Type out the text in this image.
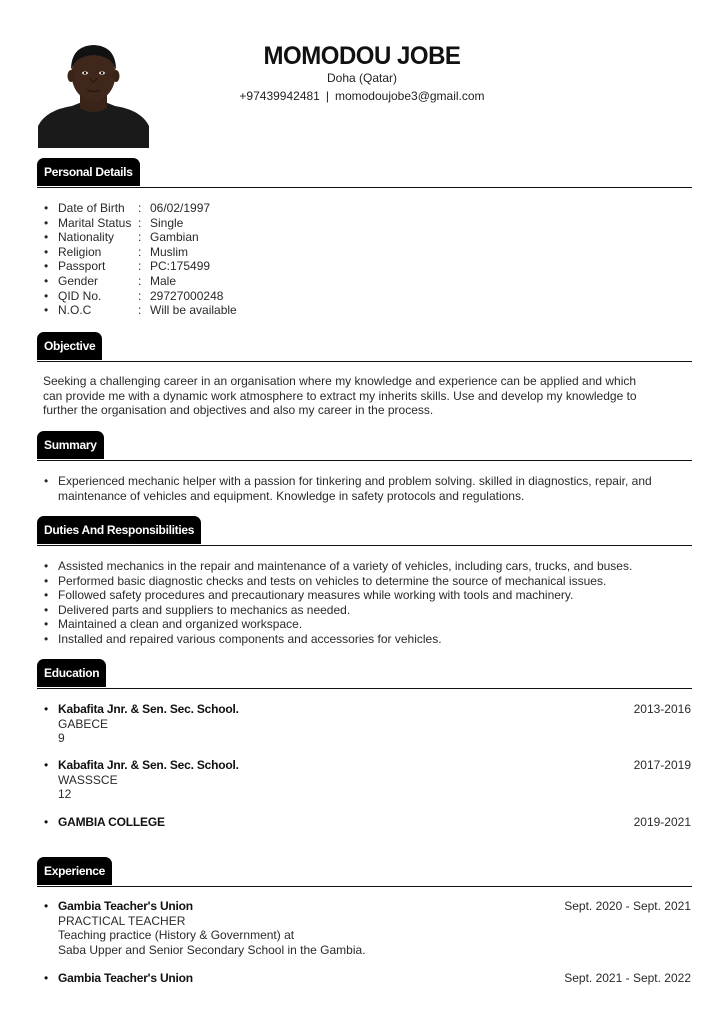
MOMODOU JOBE
Doha (Qatar)
+97439942481 | momodoujobe3@gmail.com
Personal Details
• Date of Birth : 06/02/1997
• Marital Status : Single
• Nationality : Gambian
• Religion	: Muslim
• Passport	: PC:175499
• Gender	: Male
• QID No.	: 29727000248
• N.O.C	: Will be available
Objective
Seeking a challenging career in an organisation where my knowledge and experience can be applied and which
can provide me with a dynamic work atmosphere to extract my inherits skills. Use and develop my knowledge to
further the organisation and objectives and also my career in the process.
Summary
• Experienced mechanic helper with a passion for tinkering and problem solving. skilled in diagnostics, repair, and
maintenance of vehicles and equipment. Knowledge in safety protocols and regulations.
Duties And Responsibilities
• Assisted mechanics in the repair and maintenance of a variety of vehicles, including cars, trucks, and buses.
• Performed basic diagnostic checks and tests on vehicles to determine the source of mechanical issues.
• Followed safety procedures and precautionary measures while working with tools and machinery.
• Delivered parts and suppliers to mechanics as needed.
• Maintained a clean and organized workspace.
• Installed and repaired various components and accessories for vehicles.
Education
• Kabafita Jnr. & Sen. Sec. School.	2013-2016
GABECE
9
• Kabafita Jnr. & Sen. Sec. School.	2017-2019
WASSSCE
12
• GAMBIA COLLEGE	2019-2021
Experience
• Gambia Teacher's Union	Sept. 2020 - Sept. 2021
PRACTICAL TEACHER
Teaching practice (History & Government) at
Saba Upper and Senior Secondary School in the Gambia.
• Gambia Teacher's Union	Sept. 2021 - Sept. 2022
